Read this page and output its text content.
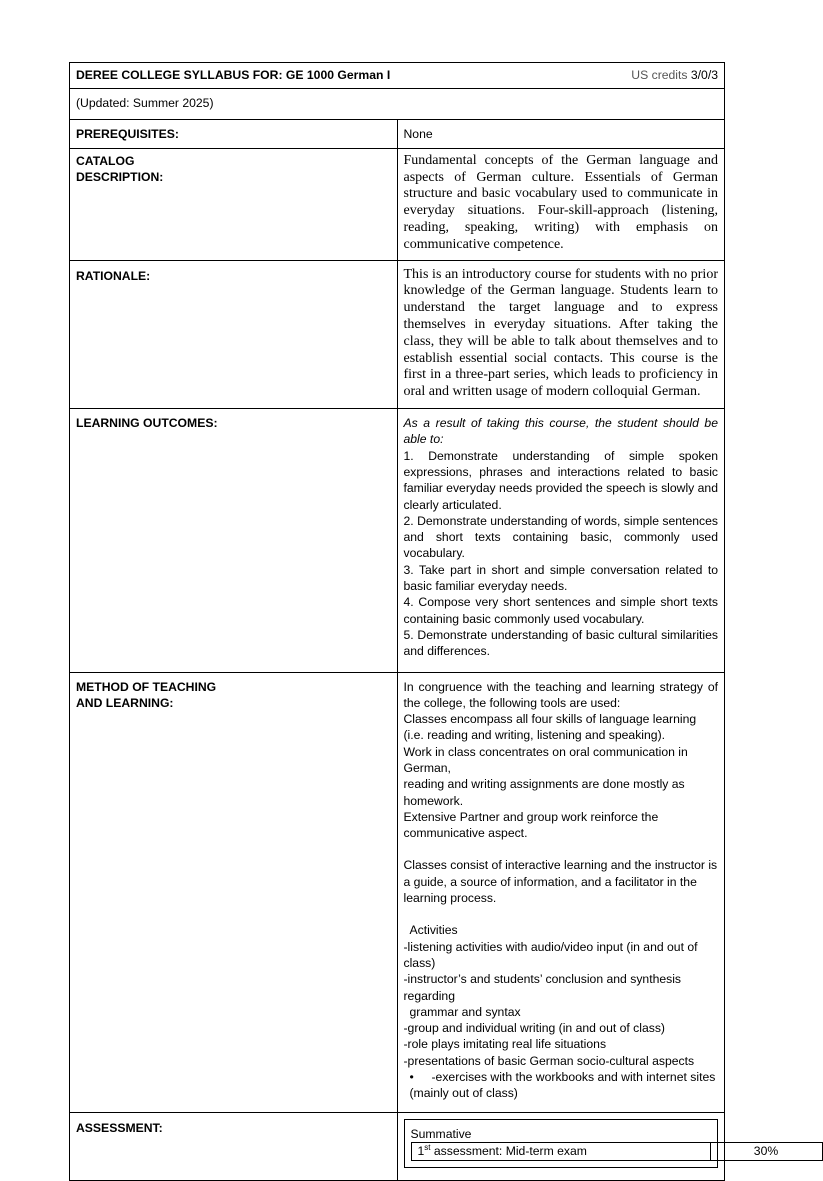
US credits 3/0/3
DEREE COLLEGE SYLLABUS FOR: GE 1000 German I
(Updated: Summer 2025)
PREREQUISITES:	None

CATALOG
DESCRIPTION:

Fundamental concepts of the German language and aspects of German culture. Essentials of German structure and basic vocabulary used to communicate in everyday situations. Four-skill-approach (listening, reading, speaking, writing) with emphasis on communicative competence.

RATIONALE:	This is an introductory course for students with no prior knowledge of the German language. Students learn to understand the target language and to express themselves in everyday situations. After taking the class, they will be able to talk about themselves and to establish essential social contacts. This course is the first in a three-part series, which leads to proficiency in oral and written usage of modern colloquial German.

LEARNING OUTCOMES:	As a result of taking this course, the student should be able to:
1. Demonstrate understanding of simple spoken expressions, phrases and interactions related to basic familiar everyday needs provided the speech is slowly and clearly articulated.
2. Demonstrate understanding of words, simple sentences and short texts containing basic, commonly used vocabulary.
3. Take part in short and simple conversation related to basic familiar everyday needs.
4. Compose very short sentences and simple short texts containing basic commonly used vocabulary.
5. Demonstrate understanding of basic cultural similarities and differences.

METHOD OF TEACHING
AND LEARNING:

In congruence with the teaching and learning strategy of the college, the following tools are used:
Classes encompass all four skills of language learning (i.e. reading and writing, listening and speaking).
Work in class concentrates on oral communication in German,
reading and writing assignments are done mostly as homework.
Extensive Partner and group work reinforce the communicative aspect.
Classes consist of interactive learning and the instructor is a guide, a source of information, and a facilitator in the learning process.
Activities
-listening activities with audio/video input (in and out of class)
-instructor’s and students’ conclusion and synthesis regarding
grammar and syntax
-group and individual writing (in and out of class)
-role plays imitating real life situations
-presentations of basic German socio-cultural aspects
• -exercises with the workbooks and with internet sites (mainly out of class)

ASSESSMENT:	Summative
1st assessment: Mid-term exam	30%
